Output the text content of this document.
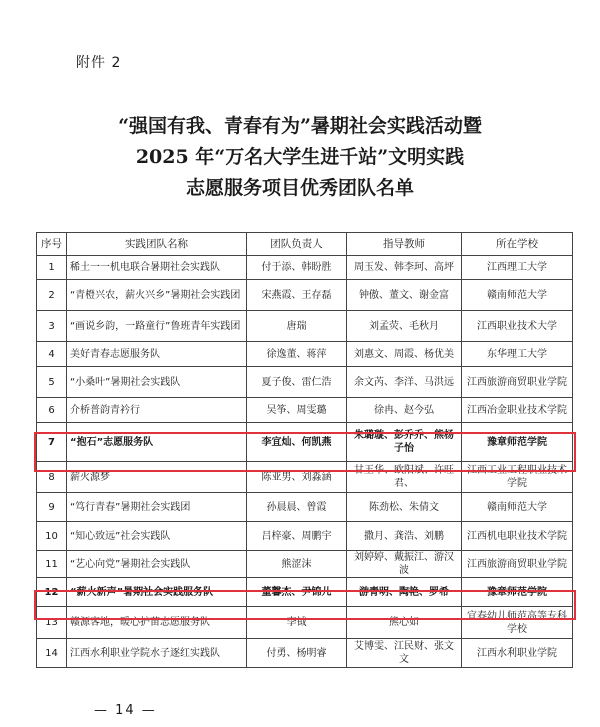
附件 2
“强国有我、青春有为”暑期社会实践活动暨
2025 年“万名大学生进千站”文明实践
志愿服务项目优秀团队名单
序号	实践团队名称	团队负责人	指导教师	所在学校
1	稀土一一机电联合暑期社会实践队	付于添、韩盼胜	周玉发、韩李珂、高坪	江西理工大学
2	“青橙兴农，薪火兴乡”暑期社会实践团	宋燕霞、王存磊	钟傲、董文、谢金富	赣南师范大学
3	“画说乡韵，一路童行”鲁班青年实践团	唐瑞	刘孟荧、毛秋月	江西职业技术大学
4	美好青春志愿服务队	徐逸董、蒋萍	刘惠文、周霞、杨优美	东华理工大学
5	“小桑叶”暑期社会实践队	夏子俊、雷仁浩	余文芮、李洋、马洪远	江西旅游商贸职业学院
6	介桥普韵青衿行	吴筝、周雯璐	徐冉、赵今弘	江西冶金职业技术学院
7	“抱石”志愿服务队	李宜灿、何凯燕	朱璐璇、彭乔乔、熊杨子怡	豫章师范学院
8	薪火源梦	陈亚男、刘淼涵	甘玉华、欧阳斌、许旺君、	江西工业工程职业技术学院
9	“笃行青春”暑期社会实践团	孙晨晨、曾霞	陈劲松、朱倩文	赣南师范大学
10	“知心致远”社会实践队	吕梓豪、周鹏宇	撒月、龚浩、刘鹏	江西机电职业技术学院
11	“艺心向党”暑期社会实践队	熊涩沫	刘婷婷、戴振江、游汉波	江西旅游商贸职业学院
12	“薪火新声”暑期社会实践服务队	董馨杰、尹锦儿	游青明、陶艳、罗希	豫章师范学院
13	赣源客地，暖心护苗志愿服务队	李钺	熊心如	宜春幼儿师范高等专科学校
14	江西水利职业学院水子逐红实践队	付勇、杨明睿	艾博雯、江民财、张文文	江西水利职业学院
— 14 —
